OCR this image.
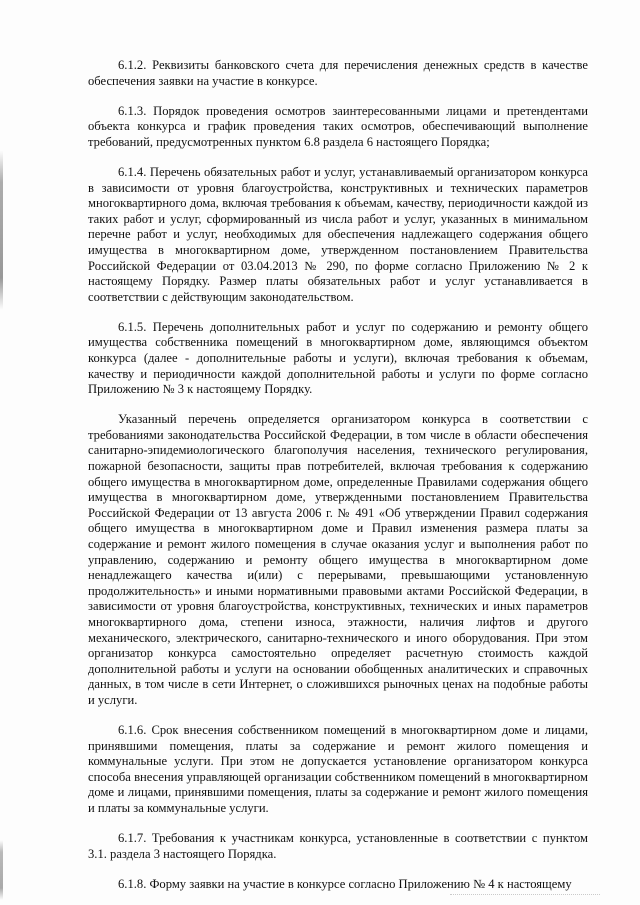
6.1.2. Реквизиты банковского счета для перечисления денежных средств в качестве обеспечения заявки на участие в конкурсе.

6.1.3. Порядок проведения осмотров заинтересованными лицами и претендентами объекта конкурса и график проведения таких осмотров, обеспечивающий выполнение требований, предусмотренных пунктом 6.8 раздела 6 настоящего Порядка;

6.1.4. Перечень обязательных работ и услуг, устанавливаемый организатором конкурса в зависимости от уровня благоустройства, конструктивных и технических параметров многоквартирного дома, включая требования к объемам, качеству, периодичности каждой из таких работ и услуг, сформированный из числа работ и услуг, указанных в минимальном перечне работ и услуг, необходимых для обеспечения надлежащего содержания общего имущества в многоквартирном доме, утвержденном постановлением Правительства Российской Федерации от 03.04.2013 № 290, по форме согласно Приложению № 2 к настоящему Порядку. Размер платы обязательных работ и услуг устанавливается в соответствии с действующим законодательством.

6.1.5. Перечень дополнительных работ и услуг по содержанию и ремонту общего имущества собственника помещений в многоквартирном доме, являющимся объектом конкурса (далее - дополнительные работы и услуги), включая требования к объемам, качеству и периодичности каждой дополнительной работы и услуги по форме согласно Приложению № 3 к настоящему Порядку.

Указанный перечень определяется организатором конкурса в соответствии с требованиями законодательства Российской Федерации, в том числе в области обеспечения санитарно-эпидемиологического благополучия населения, технического регулирования, пожарной безопасности, защиты прав потребителей, включая требования к содержанию общего имущества в многоквартирном доме, определенные Правилами содержания общего имущества в многоквартирном доме, утвержденными постановлением Правительства Российской Федерации от 13 августа 2006 г. № 491 «Об утверждении Правил содержания общего имущества в многоквартирном доме и Правил изменения размера платы за содержание и ремонт жилого помещения в случае оказания услуг и выполнения работ по управлению, содержанию и ремонту общего имущества в многоквартирном доме ненадлежащего качества и(или) с перерывами, превышающими установленную продолжительность» и иными нормативными правовыми актами Российской Федерации, в зависимости от уровня благоустройства, конструктивных, технических и иных параметров многоквартирного дома, степени износа, этажности, наличия лифтов и другого механического, электрического, санитарно-технического и иного оборудования. При этом организатор конкурса самостоятельно определяет расчетную стоимость каждой дополнительной работы и услуги на основании обобщенных аналитических и справочных данных, в том числе в сети Интернет, о сложившихся рыночных ценах на подобные работы и услуги.

6.1.6. Срок внесения собственником помещений в многоквартирном доме и лицами, принявшими помещения, платы за содержание и ремонт жилого помещения и коммунальные услуги. При этом не допускается установление организатором конкурса способа внесения управляющей организации собственником помещений в многоквартирном доме и лицами, принявшими помещения, платы за содержание и ремонт жилого помещения и платы за коммунальные услуги.

6.1.7. Требования к участникам конкурса, установленные в соответствии с пунктом 3.1. раздела 3 настоящего Порядка.

6.1.8. Форму заявки на участие в конкурсе согласно Приложению № 4 к настоящему
